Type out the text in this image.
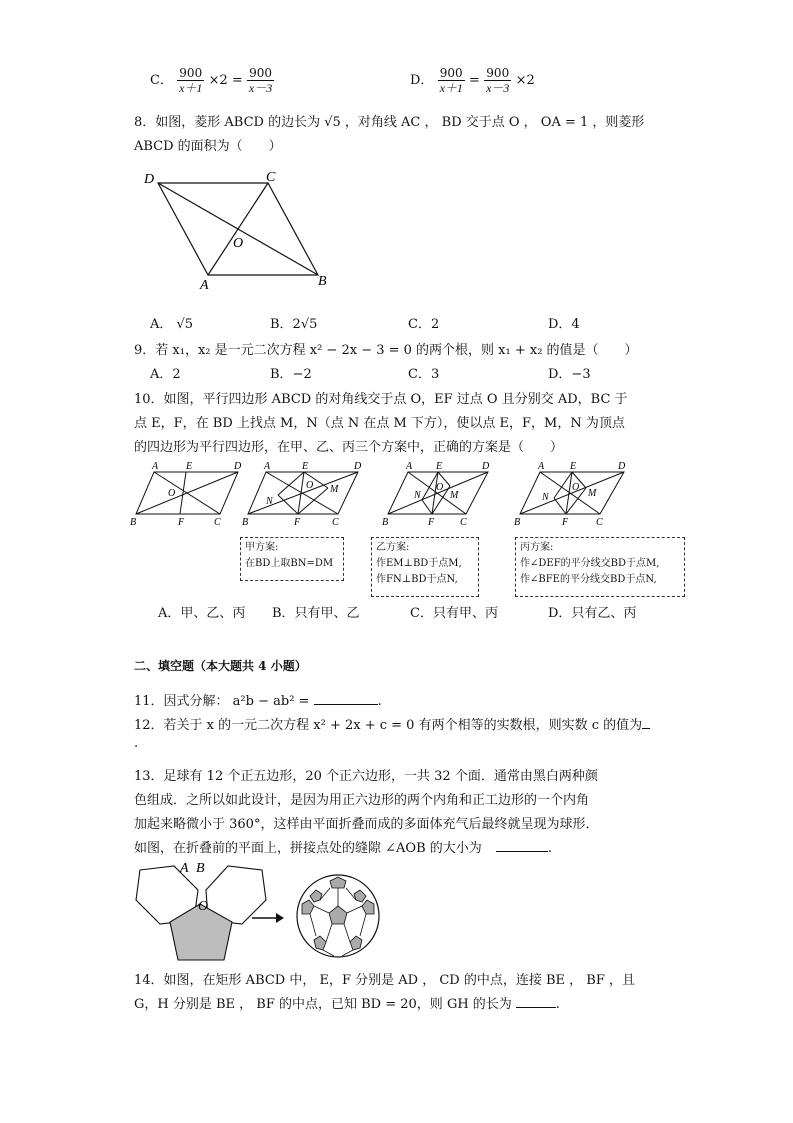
C． $\frac{900}{x+1} \times 2 = \frac{900}{x-3}$	D． $\frac{900}{x+1} = \frac{900}{x-3} \times 2$
8．如图，菱形 ABCD 的边长为 √5 ，对角线 AC ， BD 交于点 O ， OA = 1 ，则菱形
ABCD 的面积为（　　）
D	C
O
A	B
A． √5	B．2√5	C．2	D．4
9．若 x₁，x₂ 是一元二次方程 x² − 2x − 3 = 0 的两个根，则 x₁ + x₂ 的值是（　　）
A．2	B．−2	C．3	D．−3
10．如图，平行四边形 ABCD 的对角线交于点 O，EF 过点 O 且分别交 AD，BC 于
点 E，F，在 BD 上找点 M，N（点 N 在点 M 下方），使以点 E，F，M，N 为顶点
的四边形为平行四边形，在甲、乙、丙三个方案中，正确的方案是（　　）
A	E	D
O
B	F	C
A	E	D
O M
N
B	F	C
A E	D
O
M
N
B	F	C
A	E	D
O
M
N
B	F	C
甲方案:
在BD上取BN=DM
乙方案:
作EM⊥BD于点M,
作FN⊥BD于点N,
丙方案:
作∠DEF的平分线交BD于点M,
作∠BFE的平分线交BD于点N,
A．甲、乙、丙 B．只有甲、乙	C．只有甲、丙	D．只有乙、丙
二、填空题（本大题共 4 小题）
11．因式分解： a²b − ab² =	.
12．若关于 x 的一元二次方程 x² + 2x + c = 0 有两个相等的实数根，则实数 c 的值为
.
13．足球有 12 个正五边形，20 个正六边形，一共 32 个面．通常由黑白两种颜
色组成．之所以如此设计，是因为用正六边形的两个内角和正工边形的一个内角
加起来略微小于 360°，这样由平面折叠而成的多面体充气后最终就呈现为球形．
如图，在折叠前的平面上，拼接点处的缝隙 ∠AOB 的大小为	.
A B
O
14．如图，在矩形 ABCD 中， E，F 分别是 AD ， CD 的中点，连接 BE ， BF ，且
G，H 分别是 BE ， BF 的中点，已知 BD = 20，则 GH 的长为	.
